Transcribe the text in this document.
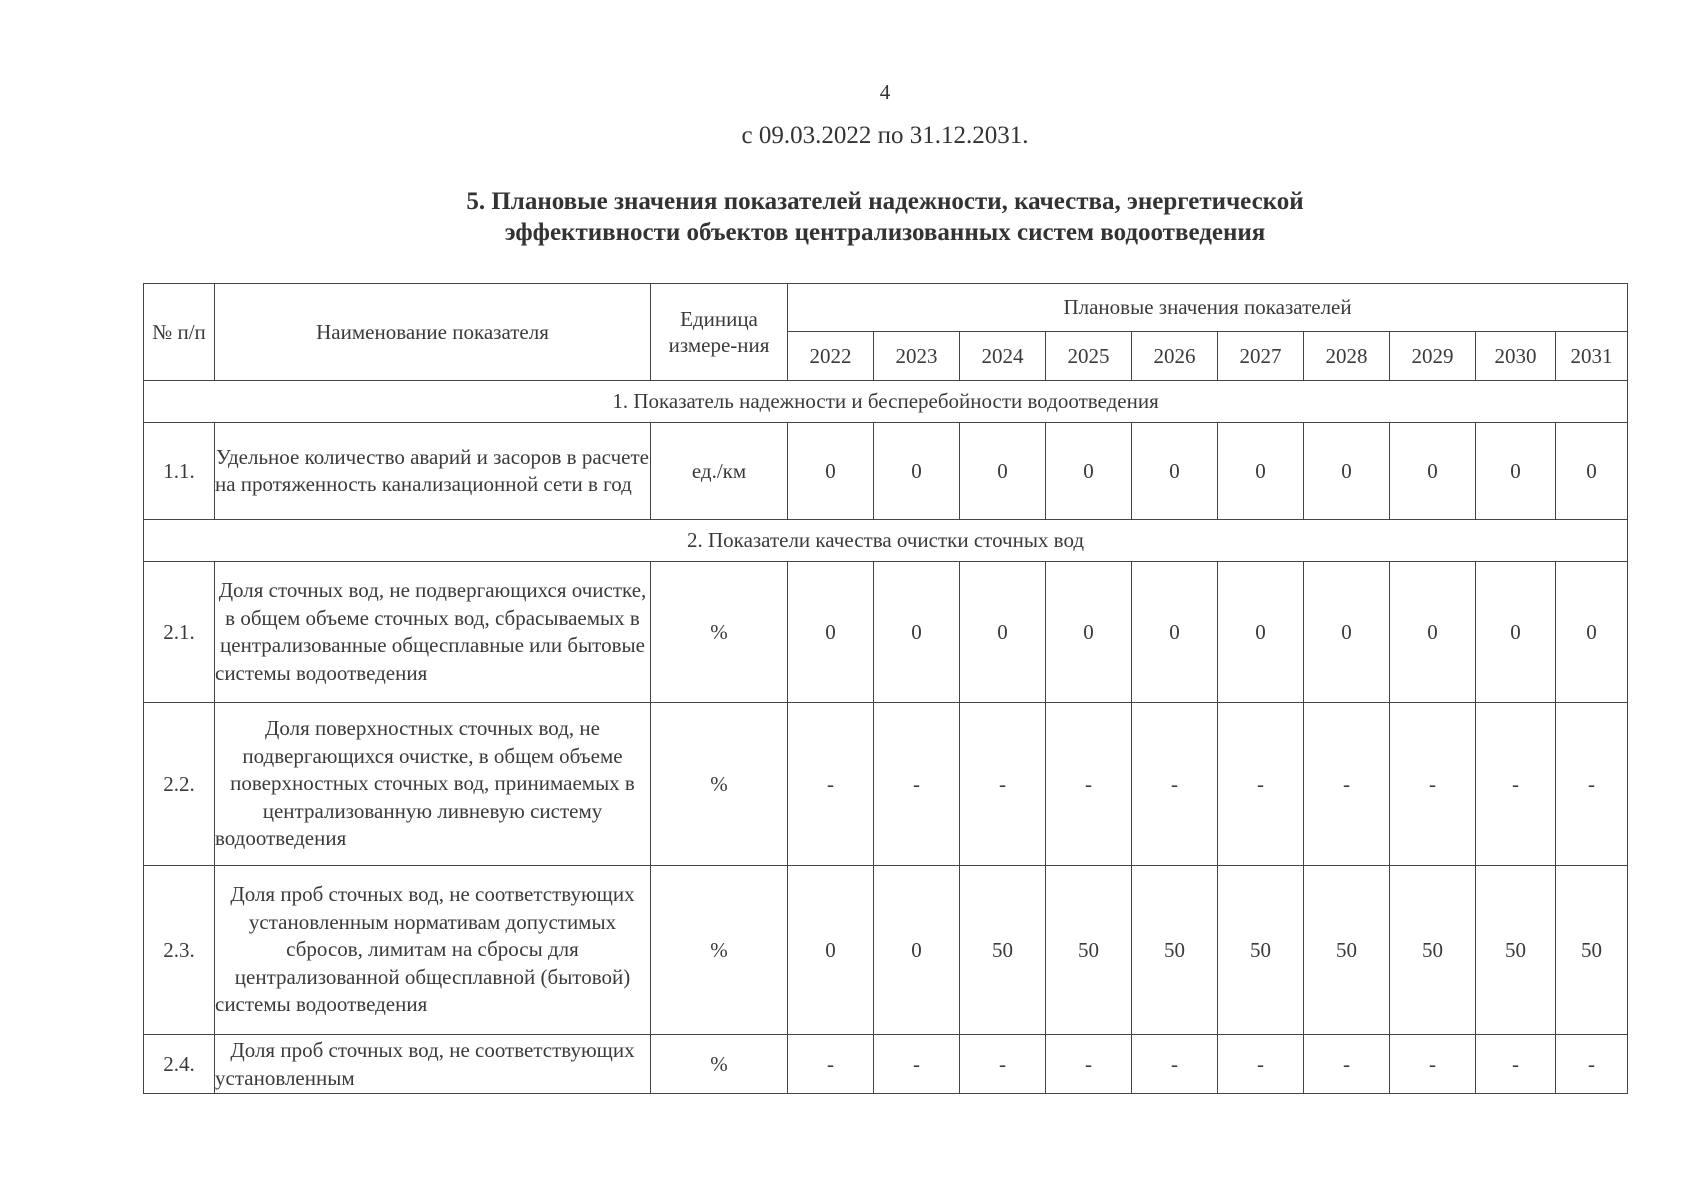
4
с 09.03.2022 по 31.12.2031.
5. Плановые значения показателей надежности, качества, энергетической
эффективности объектов централизованных систем водоотведения
№ п/п	Наименование показателя	Единица измере-ния	Плановые значения показателей									
			2022	2023	2024	2025	2026	2027	2028	2029	2030	2031
1. Показатель надежности и бесперебойности водоотведения												
1.1.	Удельное количество аварий и засоров в расчете на протяженность канализационной сети в год	ед./км	0	0	0	0	0	0	0	0	0	0
2. Показатели качества очистки сточных вод												
2.1.	Доля сточных вод, не подвергающихся очистке, в общем объеме сточных вод, сбрасываемых в централизованные общесплавные или бытовые системы водоотведения	%	0	0	0	0	0	0	0	0	0	0
2.2.	Доля поверхностных сточных вод, не подвергающихся очистке, в общем объеме поверхностных сточных вод, принимаемых в централизованную ливневую систему водоотведения	%	-	-	-	-	-	-	-	-	-	-
2.3.	Доля проб сточных вод, не соответствующих установленным нормативам допустимых сбросов, лимитам на сбросы для централизованной общесплавной (бытовой) системы водоотведения	%	0	0	50	50	50	50	50	50	50	50
2.4.	Доля проб сточных вод, не соответствующих установленным	%	-	-	-	-	-	-	-	-	-	-
